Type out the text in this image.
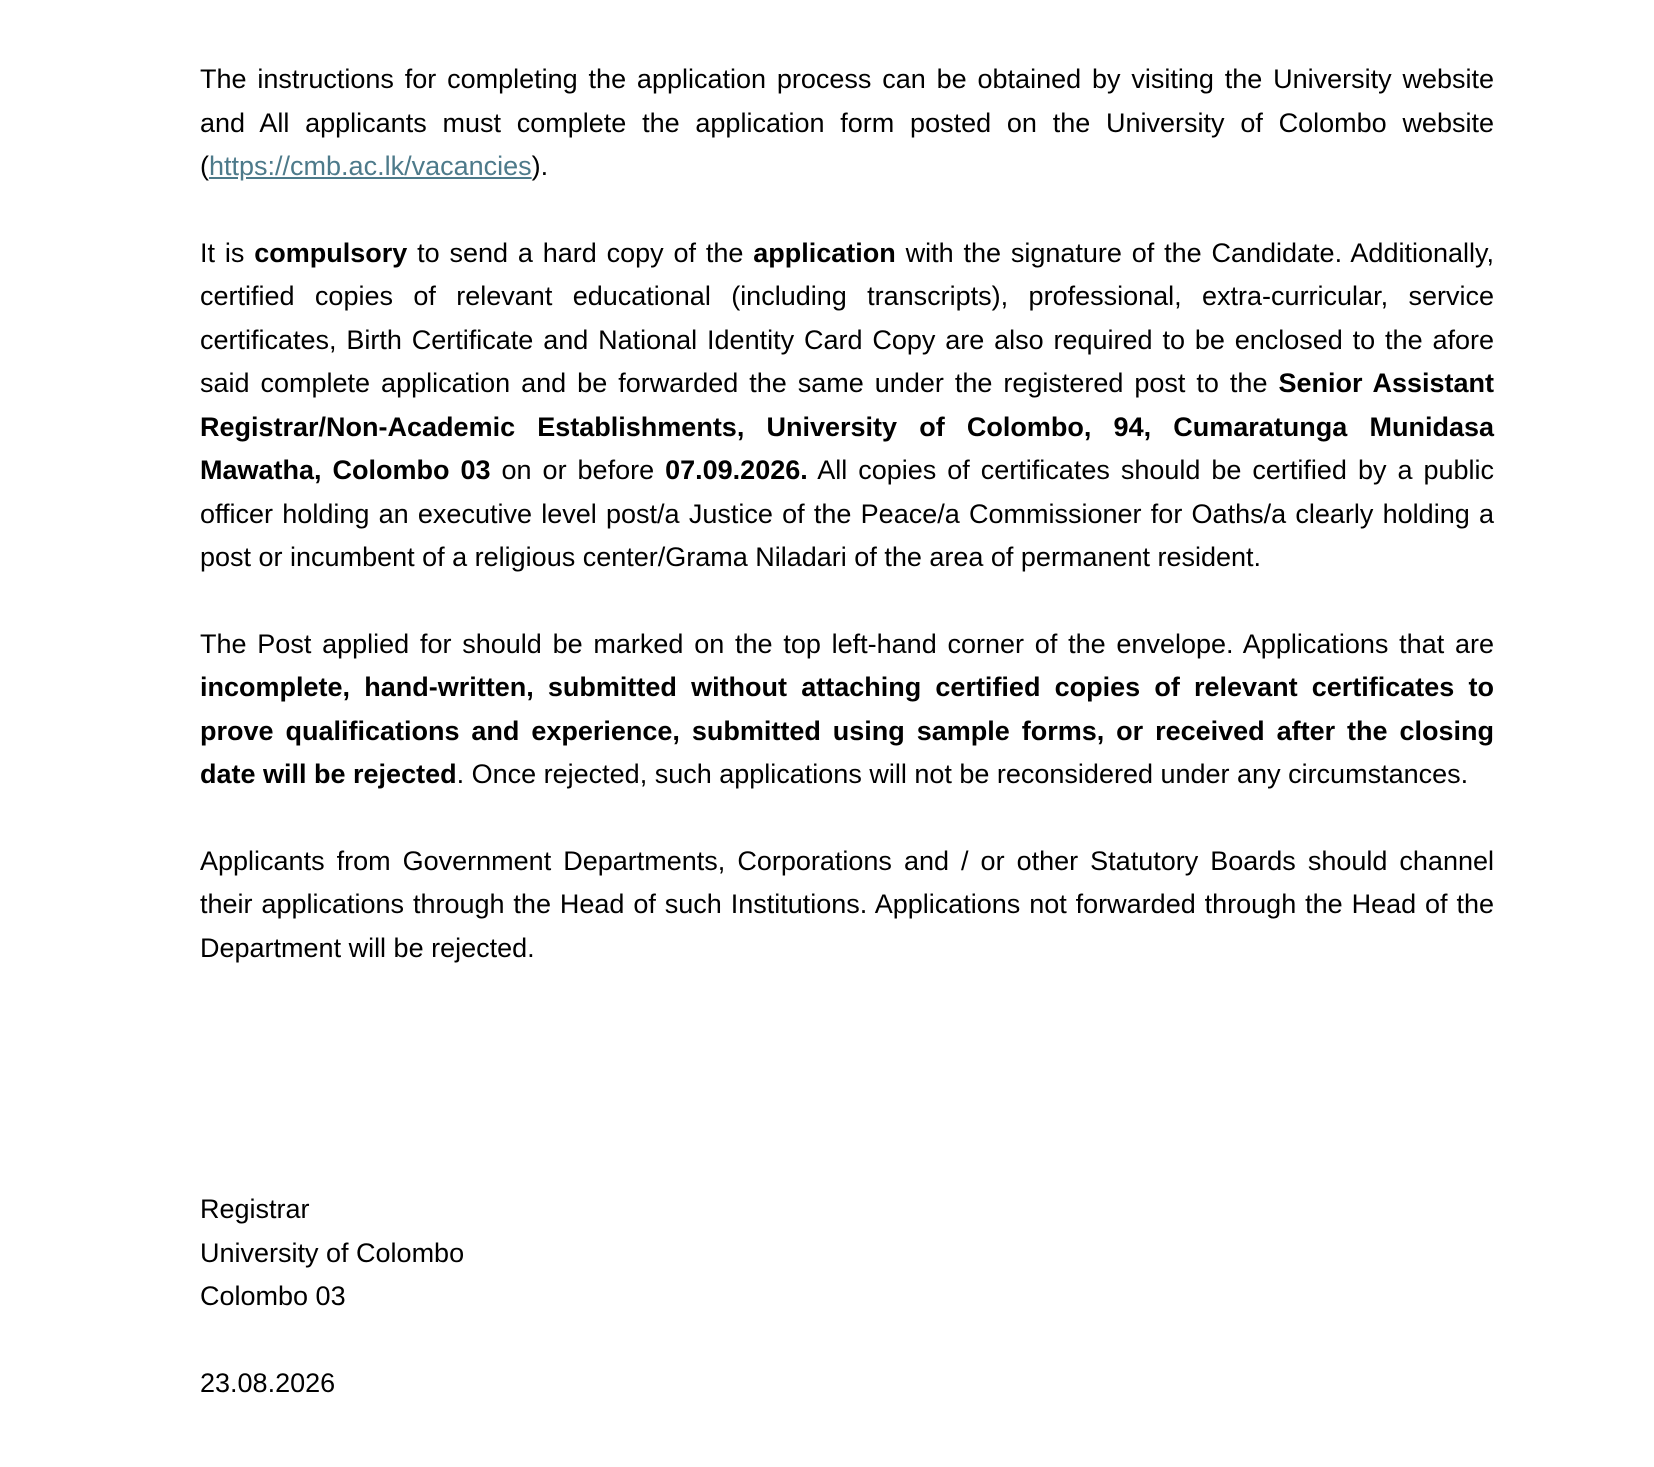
The instructions for completing the application process can be obtained by visiting the University website and All applicants must complete the application form posted on the University of Colombo website (https://cmb.ac.lk/vacancies).

It is compulsory to send a hard copy of the application with the signature of the Candidate. Additionally, certified copies of relevant educational (including transcripts), professional, extra-curricular, service certificates, Birth Certificate and National Identity Card Copy are also required to be enclosed to the afore said complete application and be forwarded the same under the registered post to the Senior Assistant Registrar/Non-Academic Establishments, University of Colombo, 94, Cumaratunga Munidasa Mawatha, Colombo 03 on or before 07.09.2026. All copies of certificates should be certified by a public officer holding an executive level post/a Justice of the Peace/a Commissioner for Oaths/a clearly holding a post or incumbent of a religious center/Grama Niladari of the area of permanent resident.

The Post applied for should be marked on the top left-hand corner of the envelope. Applications that are incomplete, hand-written, submitted without attaching certified copies of relevant certificates to prove qualifications and experience, submitted using sample forms, or received after the closing date will be rejected. Once rejected, such applications will not be reconsidered under any circumstances.

Applicants from Government Departments, Corporations and / or other Statutory Boards should channel their applications through the Head of such Institutions. Applications not forwarded through the Head of the Department will be rejected.

Registrar
University of Colombo
Colombo 03
23.08.2026
